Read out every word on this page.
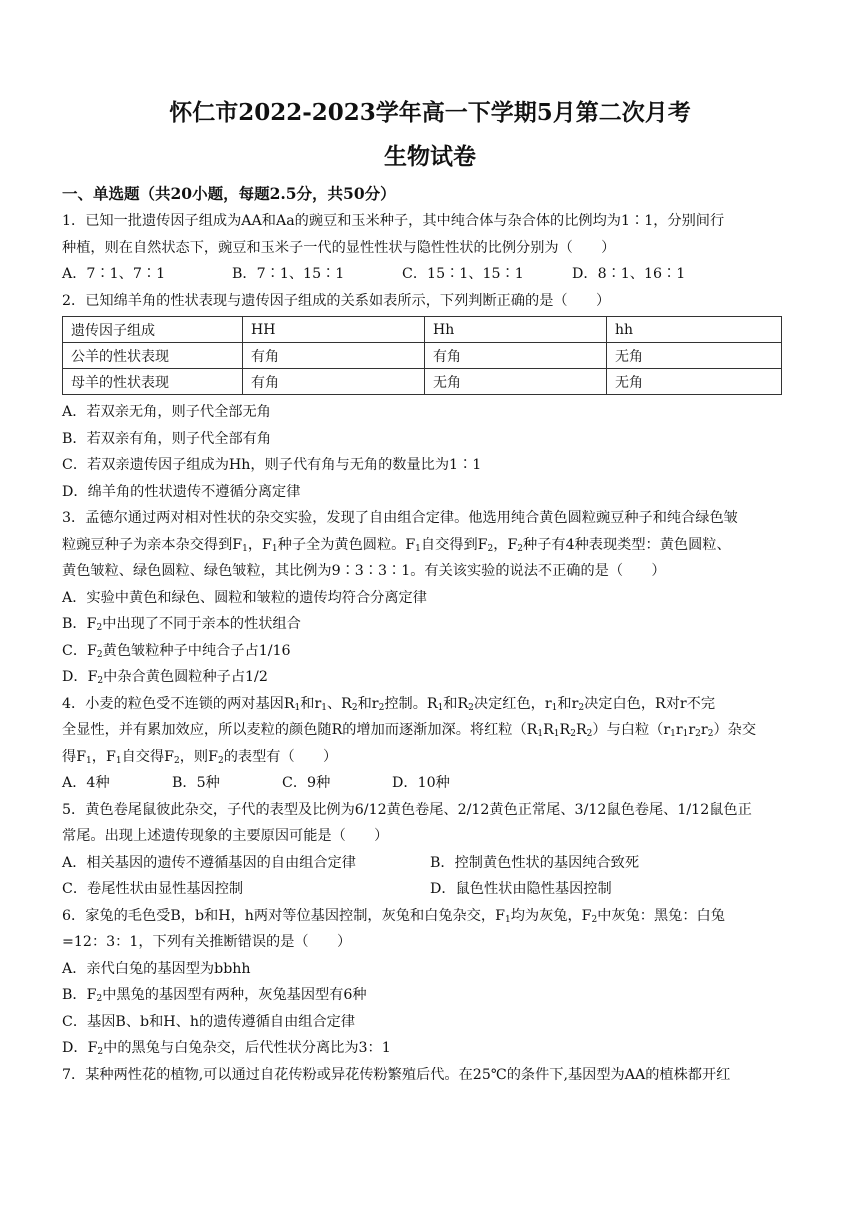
怀仁市2022-2023学年高一下学期5月第二次月考
生物试卷
一、单选题（共20小题，每题2.5分，共50分）

1．已知一批遗传因子组成为AA和Aa的豌豆和玉米种子，其中纯合体与杂合体的比例均为1∶1，分别间行

种植，则在自然状态下，豌豆和玉米子一代的显性性状与隐性性状的比例分别为（　　）

A．7∶1、7∶1	B．7∶1、15∶1	C．15∶1、15∶1	D．8∶1、16∶1

2．已知绵羊角的性状表现与遗传因子组成的关系如表所示，下列判断正确的是（　　）

遗传因子组成	HH	Hh	hh
公羊的性状表现	有角	有角	无角
母羊的性状表现	有角	无角	无角

A．若双亲无角，则子代全部无角

B．若双亲有角，则子代全部有角

C．若双亲遗传因子组成为Hh，则子代有角与无角的数量比为1∶1

D．绵羊角的性状遗传不遵循分离定律

3．孟德尔通过两对相对性状的杂交实验，发现了自由组合定律。他选用纯合黄色圆粒豌豆种子和纯合绿色皱

粒豌豆种子为亲本杂交得到$F_1$，$F_1$种子全为黄色圆粒。$F_1$自交得到$F_2$，$F_2$种子有4种表现类型：黄色圆粒、

黄色皱粒、绿色圆粒、绿色皱粒，其比例为9∶3∶3∶1。有关该实验的说法不正确的是（　　）

A．实验中黄色和绿色、圆粒和皱粒的遗传均符合分离定律

B．$F_2$中出现了不同于亲本的性状组合

C．$F_2$黄色皱粒种子中纯合子占1/16

D．$F_2$中杂合黄色圆粒种子占1/2

4．小麦的粒色受不连锁的两对基因$R_1$和$r_1$、$R_2$和$r_2$控制。$R_1$和$R_2$决定红色，$r_1$和$r_2$决定白色，R对r不完

全显性，并有累加效应，所以麦粒的颜色随R的增加而逐渐加深。将红粒$(R_1R_1R_2R_2)$与白粒$(r_1r_1r_2r_2)$杂交

得$F_1$，$F_1$自交得$F_2$，则$F_2$的表型有（　　）

A．4种	B．5种	C．9种	D．10种

5．黄色卷尾鼠彼此杂交，子代的表型及比例为6/12黄色卷尾、2/12黄色正常尾、3/12鼠色卷尾、1/12鼠色正

常尾。出现上述遗传现象的主要原因可能是（　　）

A．相关基因的遗传不遵循基因的自由组合定律	B．控制黄色性状的基因纯合致死
C．卷尾性状由显性基因控制	D．鼠色性状由隐性基因控制

6．家兔的毛色受B，b和H，h两对等位基因控制，灰兔和白兔杂交，$F_1$均为灰兔，$F_2$中灰兔：黑兔：白兔

=12：3：1，下列有关推断错误的是（　　）

A．亲代白兔的基因型为bbhh

B．$F_2$中黑兔的基因型有两种，灰兔基因型有6种

C．基因B、b和H、h的遗传遵循自由组合定律

D．$F_2$中的黑兔与白兔杂交，后代性状分离比为3：1

7．某种两性花的植物,可以通过自花传粉或异花传粉繁殖后代。在25℃的条件下,基因型为AA的植株都开红
